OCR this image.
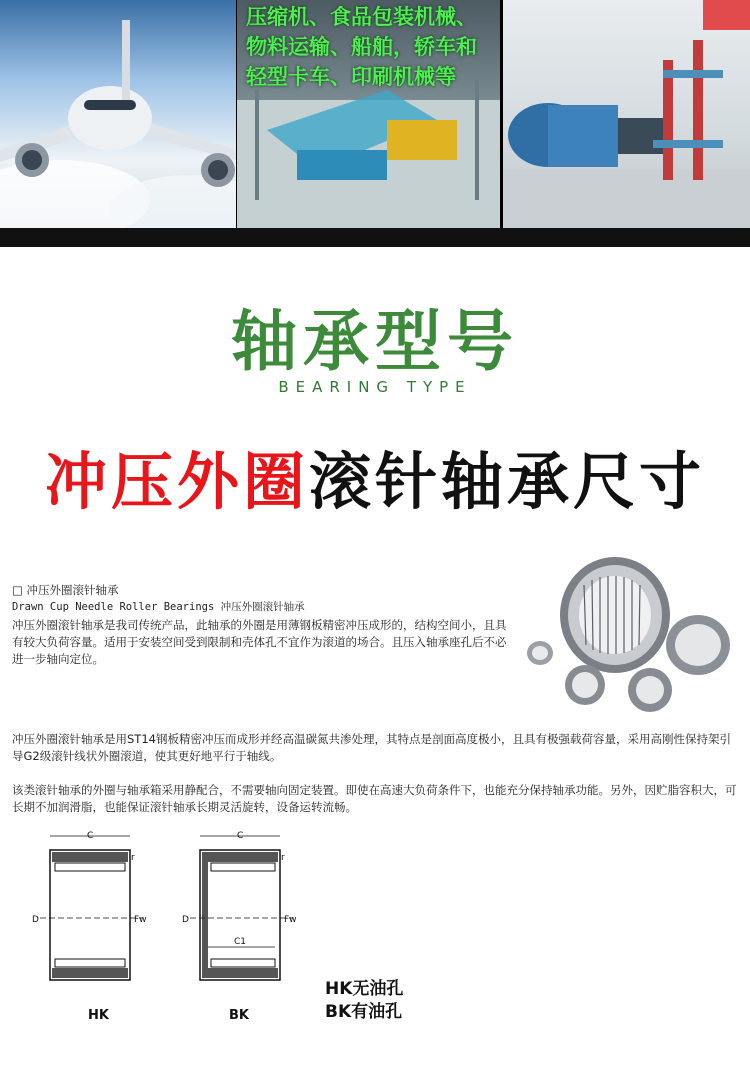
压缩机、食品包装机械、
物料运输、船舶，轿车和
轻型卡车、印刷机械等
轴承型号
BEARING TYPE
冲压外圈滚针轴承尺寸
□ 冲压外圈滚针轴承
Drawn Cup Needle Roller Bearings 冲压外圈滚针轴承
冲压外圈滚针轴承是我司传统产品，此轴承的外圈是用薄钢板精密冲压成形的，结构空间小，且具有较大负荷容量。适用于安装空间受到限制和壳体孔不宜作为滚道的场合。且压入轴承座孔后不必进一步轴向定位。
冲压外圈滚针轴承是用ST14钢板精密冲压而成形并经高温碳氮共渗处理，其特点是剖面高度极小，且具有极强载荷容量，采用高刚性保持架引导G2级滚针线状外圈滚道，使其更好地平行于轴线。
该类滚针轴承的外圈与轴承箱采用静配合，不需要轴向固定装置。即使在高速大负荷条件下，也能充分保持轴承功能。另外，因贮脂容积大，可长期不加润滑脂，也能保证滚针轴承长期灵活旋转，设备运转流畅。
C
D	Fw
r
C
D	Fw
C1
r
HK	BK
HK无油孔
BK有油孔
